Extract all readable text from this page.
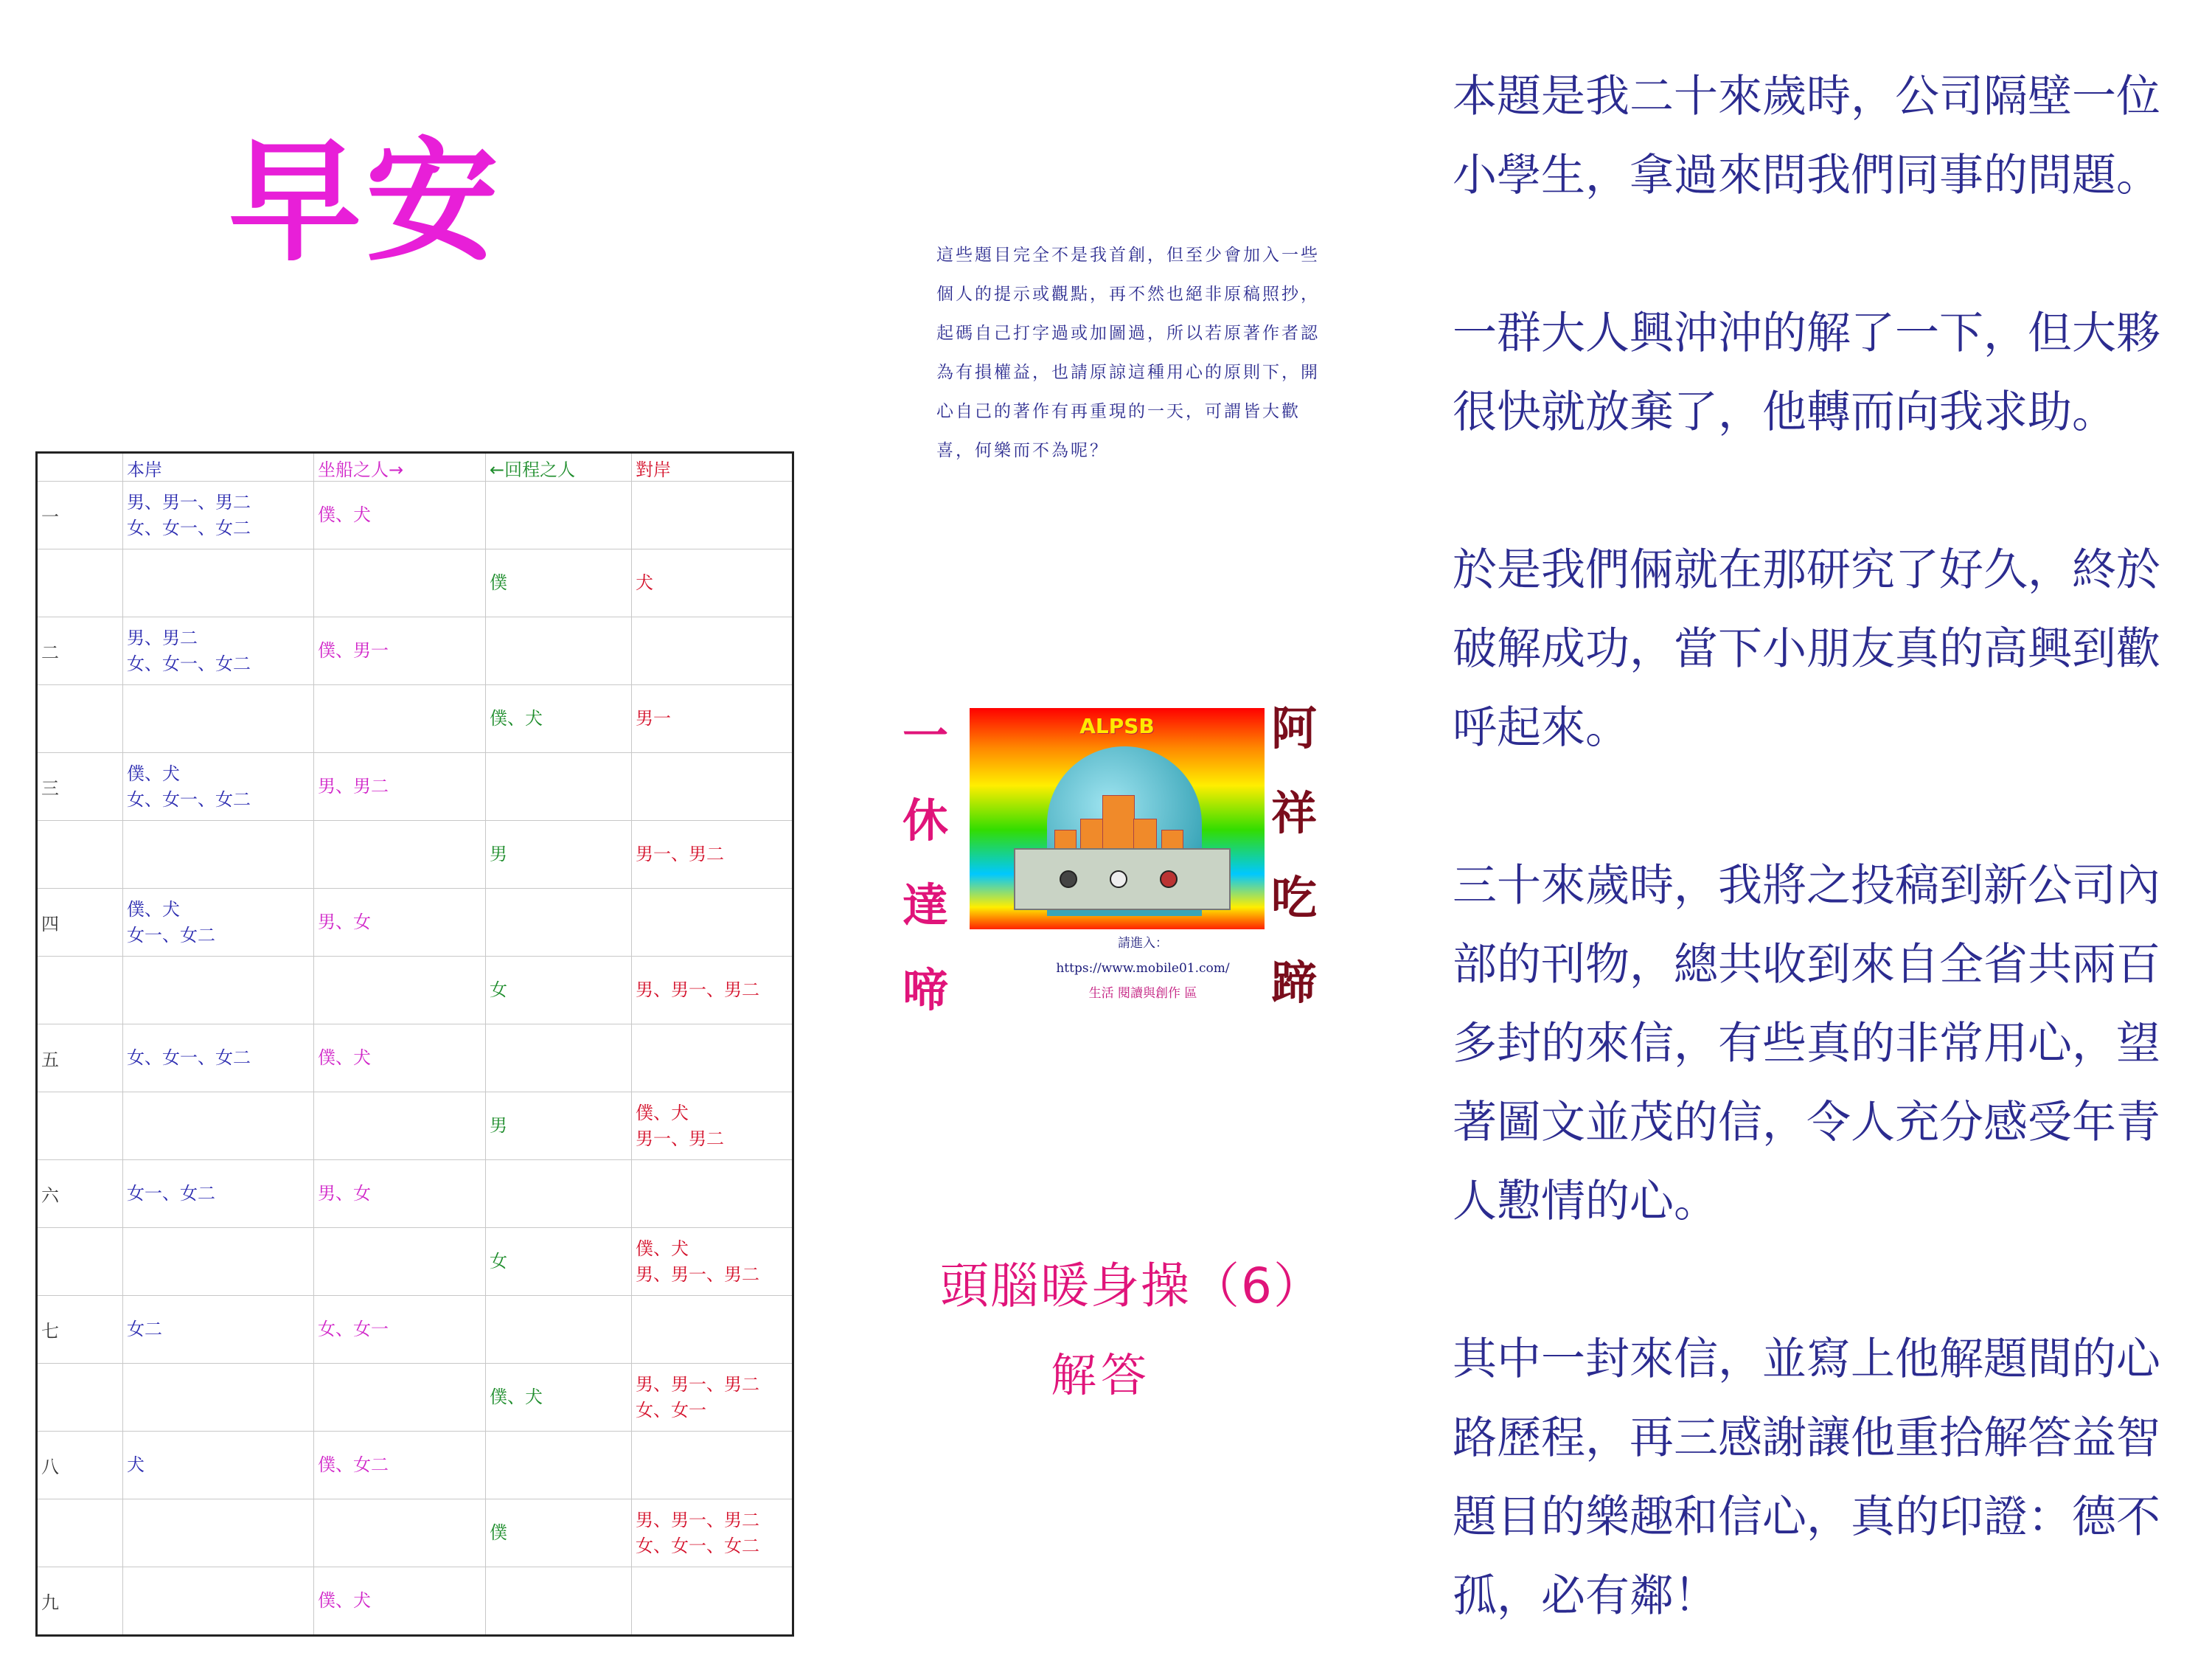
早安	這些題目完全不是我首創，但至少會加入一些個人的提示或觀點，再不然也絕非原稿照抄，起碼自己打字過或加圖過，所以若原著作者認為有損權益，也請原諒這種用心的原則下，開心自己的著作有再重現的一天，可謂皆大歡喜，何樂而不為呢？
一
休
達
啼
ALPSB	阿
祥
吃
蹄
請進入：
https://www.mobile01.com/
生活 閱讀與創作 區
頭腦暖身操（6）
解答
本題是我二十來歲時，公司隔壁一位小學生，拿過來問我們同事的問題。
一群大人興沖沖的解了一下，但大夥很快就放棄了，他轉而向我求助。
於是我們倆就在那研究了好久，終於破解成功，當下小朋友真的高興到歡呼起來。
三十來歲時，我將之投稿到新公司內部的刊物，總共收到來自全省共兩百多封的來信，有些真的非常用心，望著圖文並茂的信，令人充分感受年青人懃情的心。
其中一封來信，並寫上他解題間的心路歷程，再三感謝讓他重拾解答益智題目的樂趣和信心，真的印證：德不孤，必有鄰！
	本岸	坐船之人→	←回程之人	對岸
一	男、男一、男二
女、女一、女二	僕、犬		

			僕	犬

二	男、男二
女、女一、女二	僕、男一		

			僕、犬	男一

三	僕、犬
女、女一、女二	男、男二		

			男	男一、男二

四	僕、犬
女一、女二	男、女		

			女	男、男一、男二

五	女、女一、女二	僕、犬		

			男	僕、犬
男一、男二

六	女一、女二	男、女		

			女	僕、犬
男、男一、男二

七	女二	女、女一		

			僕、犬	男、男一、男二
女、女一

八	犬	僕、女二		

			僕	男、男一、男二
女、女一、女二

九		僕、犬		
